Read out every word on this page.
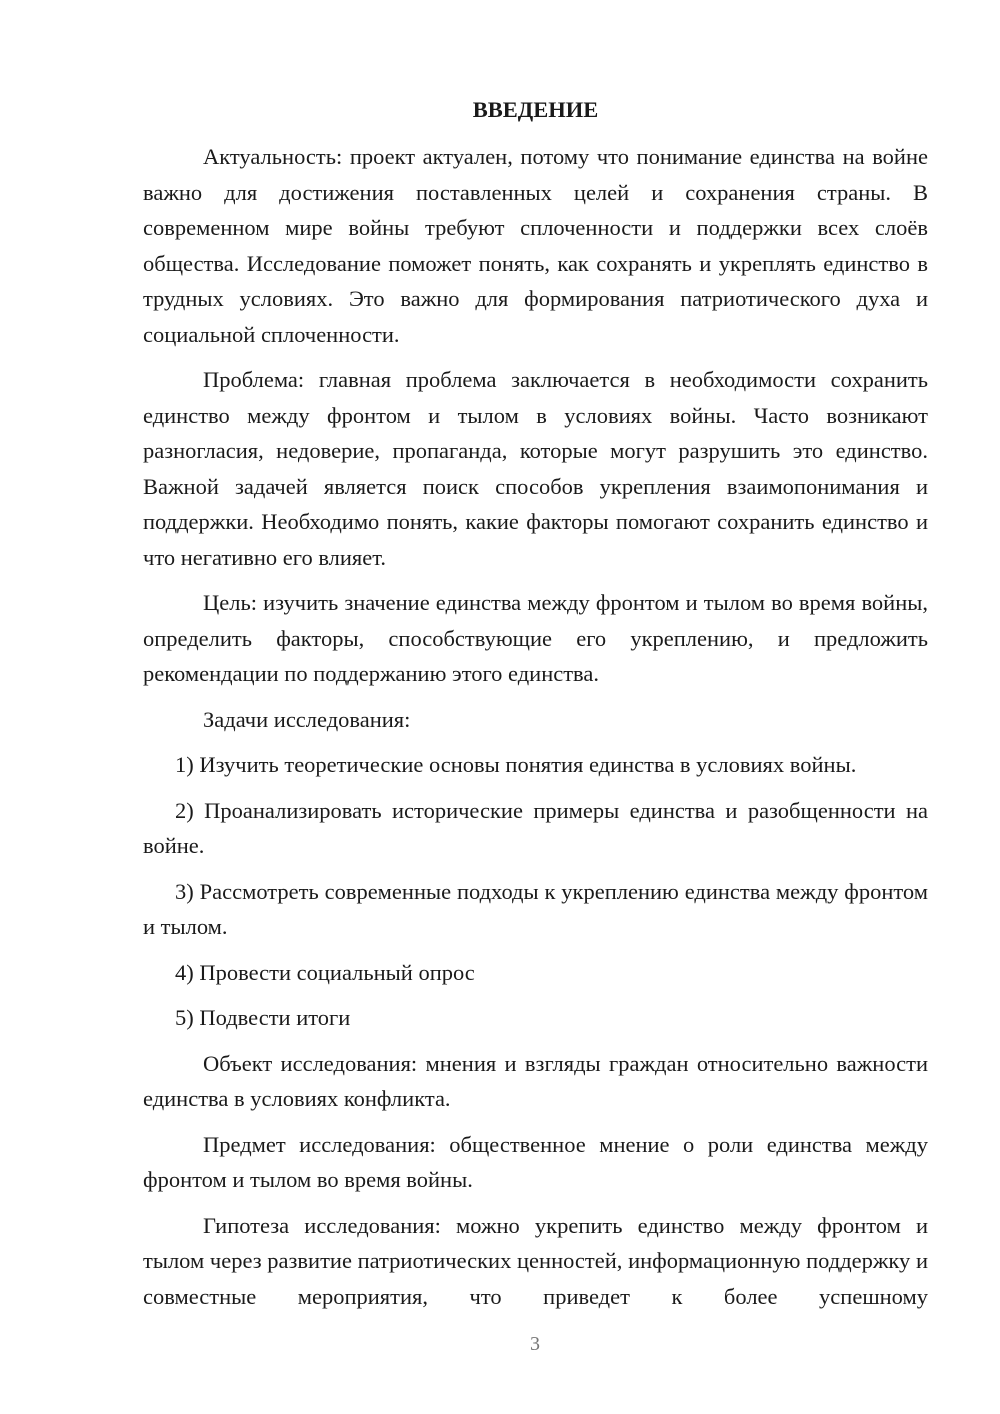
ВВЕДЕНИЕ

Актуальность: проект актуален, потому что понимание единства на войне важно для достижения поставленных целей и сохранения страны. В современном мире войны требуют сплоченности и поддержки всех слоёв общества. Исследование поможет понять, как сохранять и укреплять единство в трудных условиях. Это важно для формирования патриотического духа и социальной сплоченности.

Проблема: главная проблема заключается в необходимости сохранить единство между фронтом и тылом в условиях войны. Часто возникают разногласия, недоверие, пропаганда, которые могут разрушить это единство. Важной задачей является поиск способов укрепления взаимопонимания и поддержки. Необходимо понять, какие факторы помогают сохранить единство и что негативно его влияет.

Цель: изучить значение единства между фронтом и тылом во время войны, определить факторы, способствующие его укреплению, и предложить рекомендации по поддержанию этого единства.

Задачи исследования:

1) Изучить теоретические основы понятия единства в условиях войны.

2) Проанализировать исторические примеры единства и разобщенности на войне.

3) Рассмотреть современные подходы к укреплению единства между фронтом и тылом.

4) Провести социальный опрос

5) Подвести итоги

Объект исследования: мнения и взгляды граждан относительно важности единства в условиях конфликта.

Предмет исследования: общественное мнение о роли единства между фронтом и тылом во время войны.

Гипотеза исследования: можно укрепить единство между фронтом и тылом через развитие патриотических ценностей, информационную поддержку и совместные мероприятия, что приведет к более успешному

3
